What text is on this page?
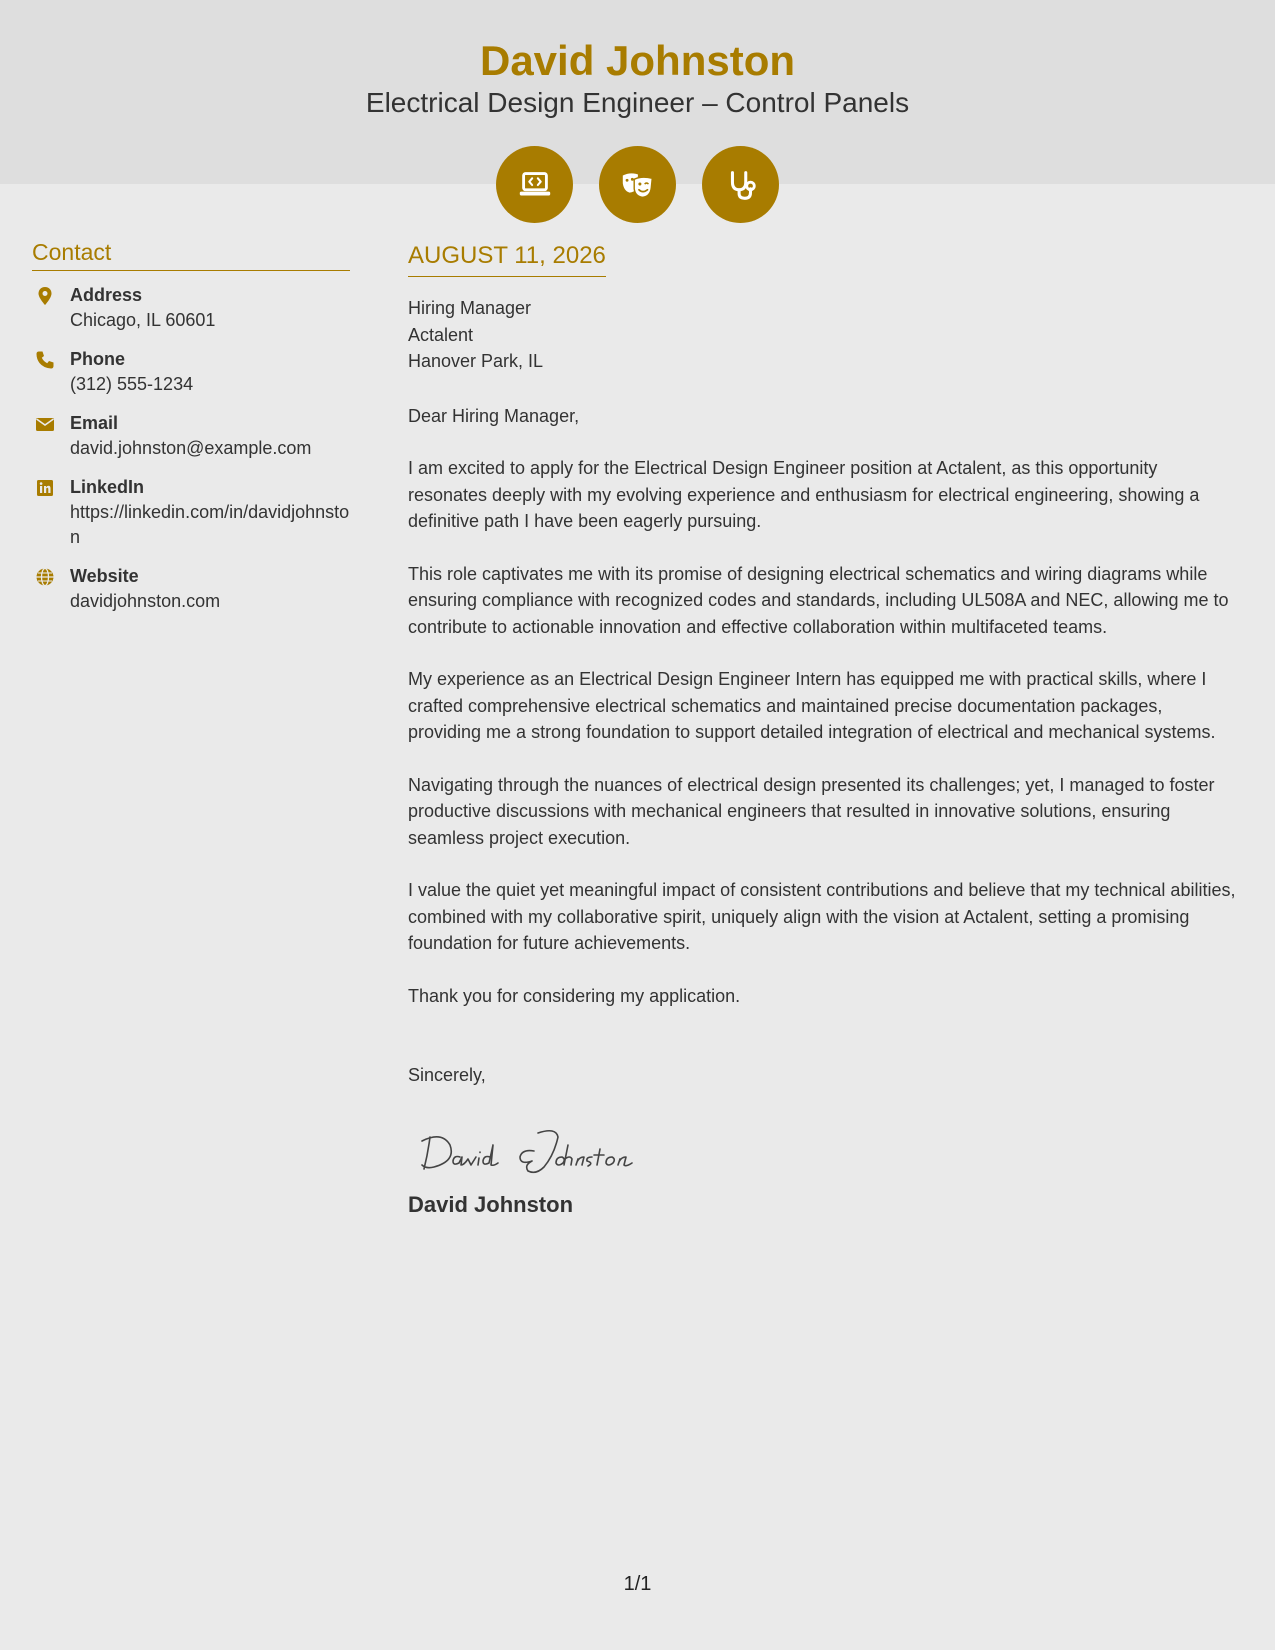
David Johnston
Electrical Design Engineer – Control Panels
Contact
Address
Chicago, IL 60601
Phone
(312) 555-1234
Email
david.johnston@example.com
LinkedIn
https://linkedin.com/in/davidjohnston
Website
davidjohnston.com
AUGUST 11, 2026
Hiring Manager
Actalent
Hanover Park, IL

Dear Hiring Manager,

I am excited to apply for the Electrical Design Engineer position at Actalent, as this opportunity resonates deeply with my evolving experience and enthusiasm for electrical engineering, showing a definitive path I have been eagerly pursuing.

This role captivates me with its promise of designing electrical schematics and wiring diagrams while ensuring compliance with recognized codes and standards, including UL508A and NEC, allowing me to contribute to actionable innovation and effective collaboration within multifaceted teams.

My experience as an Electrical Design Engineer Intern has equipped me with practical skills, where I crafted comprehensive electrical schematics and maintained precise documentation packages, providing me a strong foundation to support detailed integration of electrical and mechanical systems.

Navigating through the nuances of electrical design presented its challenges; yet, I managed to foster productive discussions with mechanical engineers that resulted in innovative solutions, ensuring seamless project execution.

I value the quiet yet meaningful impact of consistent contributions and believe that my technical abilities, combined with my collaborative spirit, uniquely align with the vision at Actalent, setting a promising foundation for future achievements.

Thank you for considering my application.

Sincerely,

David Johnston
1/1
